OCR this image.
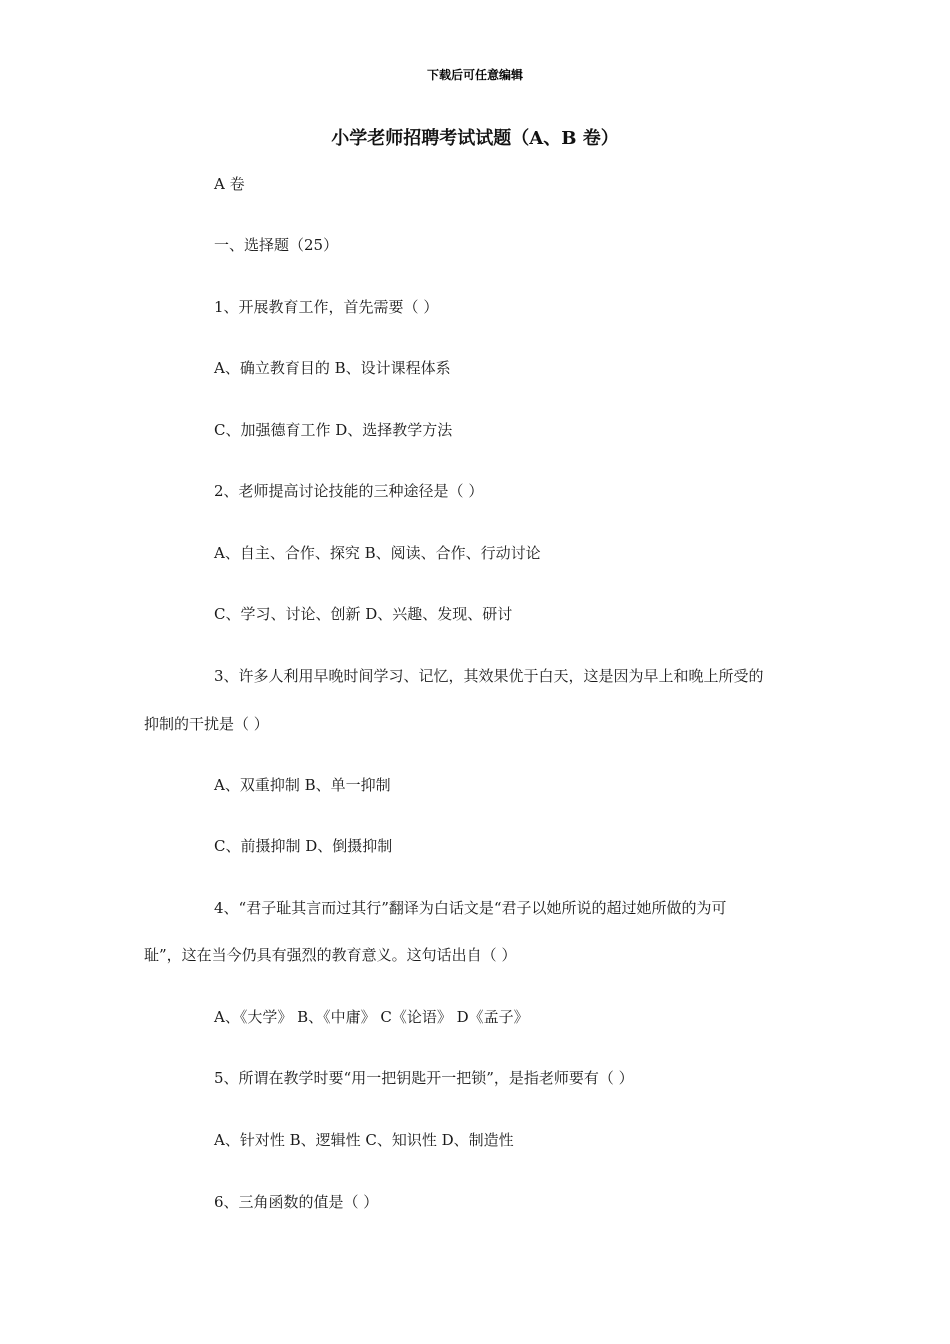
下载后可任意编辑
小学老师招聘考试试题（A、B 卷）
A 卷
一、选择题（25）
1、开展教育工作，首先需要（ ）
A、确立教育目的 B、设计课程体系
C、加强德育工作 D、选择教学方法
2、老师提高讨论技能的三种途径是（ ）
A、自主、合作、探究 B、阅读、合作、行动讨论
C、学习、讨论、创新 D、兴趣、发现、研讨
3、许多人利用早晚时间学习、记忆，其效果优于白天，这是因为早上和晚上所受的
抑制的干扰是（ ）
A、双重抑制 B、单一抑制
C、前摄抑制 D、倒摄抑制
4、“君子耻其言而过其行”翻译为白话文是“君子以她所说的超过她所做的为可
耻”，这在当今仍具有强烈的教育意义。这句话出自（ ）
A、《大学》 B、《中庸》 C《论语》 D《孟子》
5、所谓在教学时要“用一把钥匙开一把锁”，是指老师要有（ ）
A、针对性 B、逻辑性 C、知识性 D、制造性
6、三角函数的值是（ ）
